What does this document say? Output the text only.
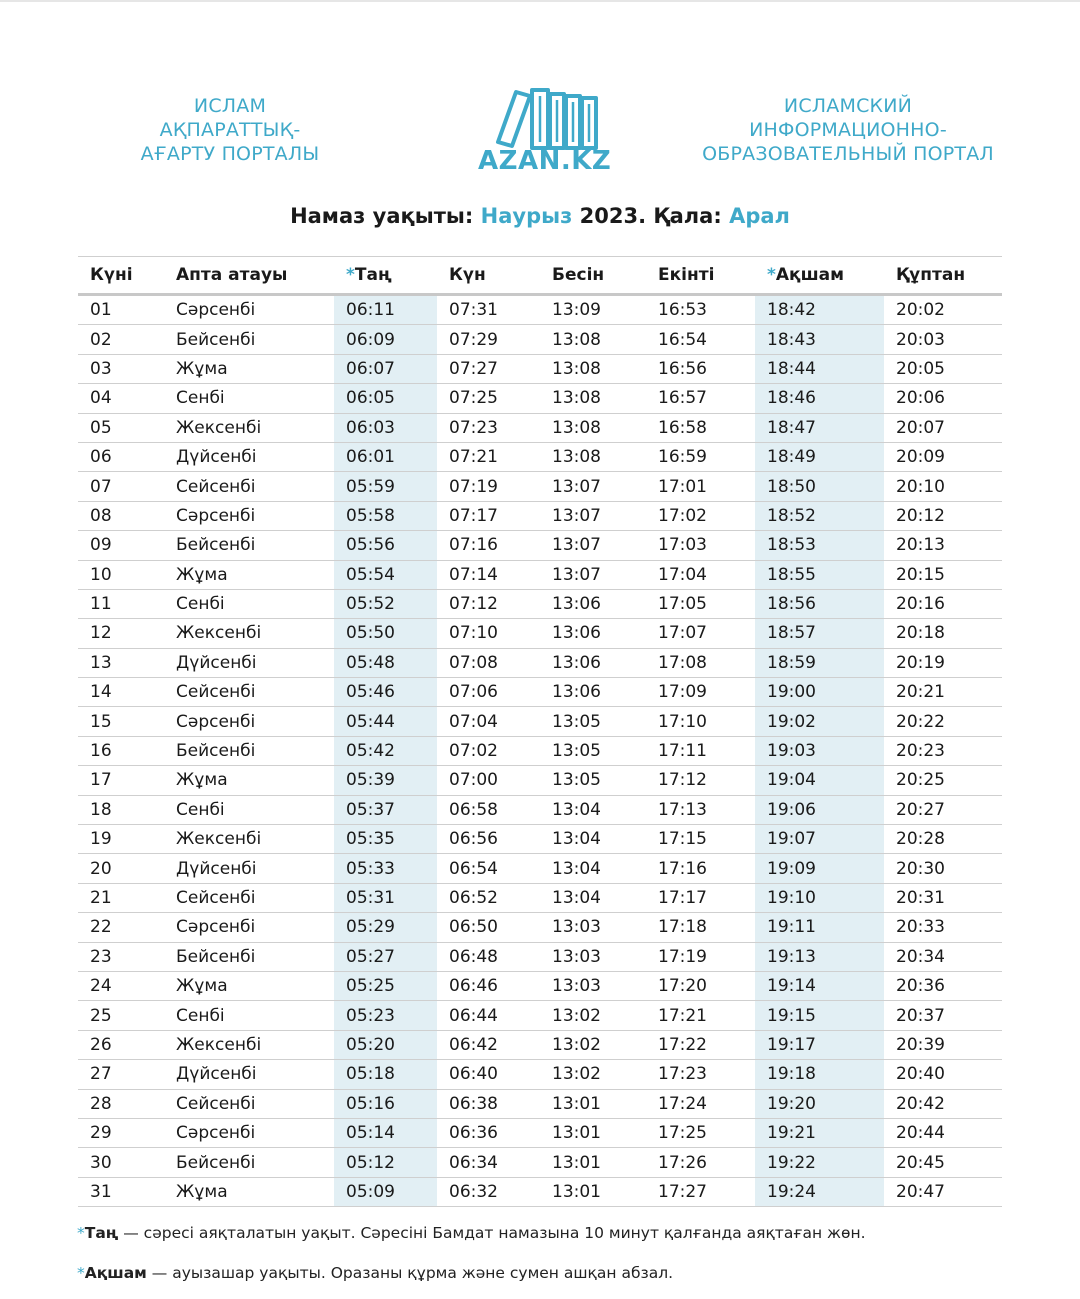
ИСЛАМ
АҚПАРАТТЫҚ-
АҒАРТУ ПОРТАЛЫ	AZAN.KZ
ИСЛАМСКИЙ
ИНФОРМАЦИОННО-
ОБРАЗОВАТЕЛЬНЫЙ ПОРТАЛ
Намаз уақыты: Наурыз 2023. Қала: Арал
Күні	Апта атауы	*Таң	Күн	Бесін	Екінті	*Ақшам	Құптан
01	Сәрсенбі	06:11	07:31	13:09	16:53	18:42	20:02
02	Бейсенбі	06:09	07:29	13:08	16:54	18:43	20:03
03	Жұма	06:07	07:27	13:08	16:56	18:44	20:05
04	Сенбі	06:05	07:25	13:08	16:57	18:46	20:06
05	Жексенбі	06:03	07:23	13:08	16:58	18:47	20:07
06	Дүйсенбі	06:01	07:21	13:08	16:59	18:49	20:09
07	Сейсенбі	05:59	07:19	13:07	17:01	18:50	20:10
08	Сәрсенбі	05:58	07:17	13:07	17:02	18:52	20:12
09	Бейсенбі	05:56	07:16	13:07	17:03	18:53	20:13
10	Жұма	05:54	07:14	13:07	17:04	18:55	20:15
11	Сенбі	05:52	07:12	13:06	17:05	18:56	20:16
12	Жексенбі	05:50	07:10	13:06	17:07	18:57	20:18
13	Дүйсенбі	05:48	07:08	13:06	17:08	18:59	20:19
14	Сейсенбі	05:46	07:06	13:06	17:09	19:00	20:21
15	Сәрсенбі	05:44	07:04	13:05	17:10	19:02	20:22
16	Бейсенбі	05:42	07:02	13:05	17:11	19:03	20:23
17	Жұма	05:39	07:00	13:05	17:12	19:04	20:25
18	Сенбі	05:37	06:58	13:04	17:13	19:06	20:27
19	Жексенбі	05:35	06:56	13:04	17:15	19:07	20:28
20	Дүйсенбі	05:33	06:54	13:04	17:16	19:09	20:30
21	Сейсенбі	05:31	06:52	13:04	17:17	19:10	20:31
22	Сәрсенбі	05:29	06:50	13:03	17:18	19:11	20:33
23	Бейсенбі	05:27	06:48	13:03	17:19	19:13	20:34
24	Жұма	05:25	06:46	13:03	17:20	19:14	20:36
25	Сенбі	05:23	06:44	13:02	17:21	19:15	20:37
26	Жексенбі	05:20	06:42	13:02	17:22	19:17	20:39
27	Дүйсенбі	05:18	06:40	13:02	17:23	19:18	20:40
28	Сейсенбі	05:16	06:38	13:01	17:24	19:20	20:42
29	Сәрсенбі	05:14	06:36	13:01	17:25	19:21	20:44
30	Бейсенбі	05:12	06:34	13:01	17:26	19:22	20:45
31	Жұма	05:09	06:32	13:01	17:27	19:24	20:47
*Таң — сәресі аяқталатын уақыт. Сәресіні Бамдат намазына 10 минут қалғанда аяқтаған жөн.
*Ақшам — ауызашар уақыты. Оразаны құрма және сумен ашқан абзал.
